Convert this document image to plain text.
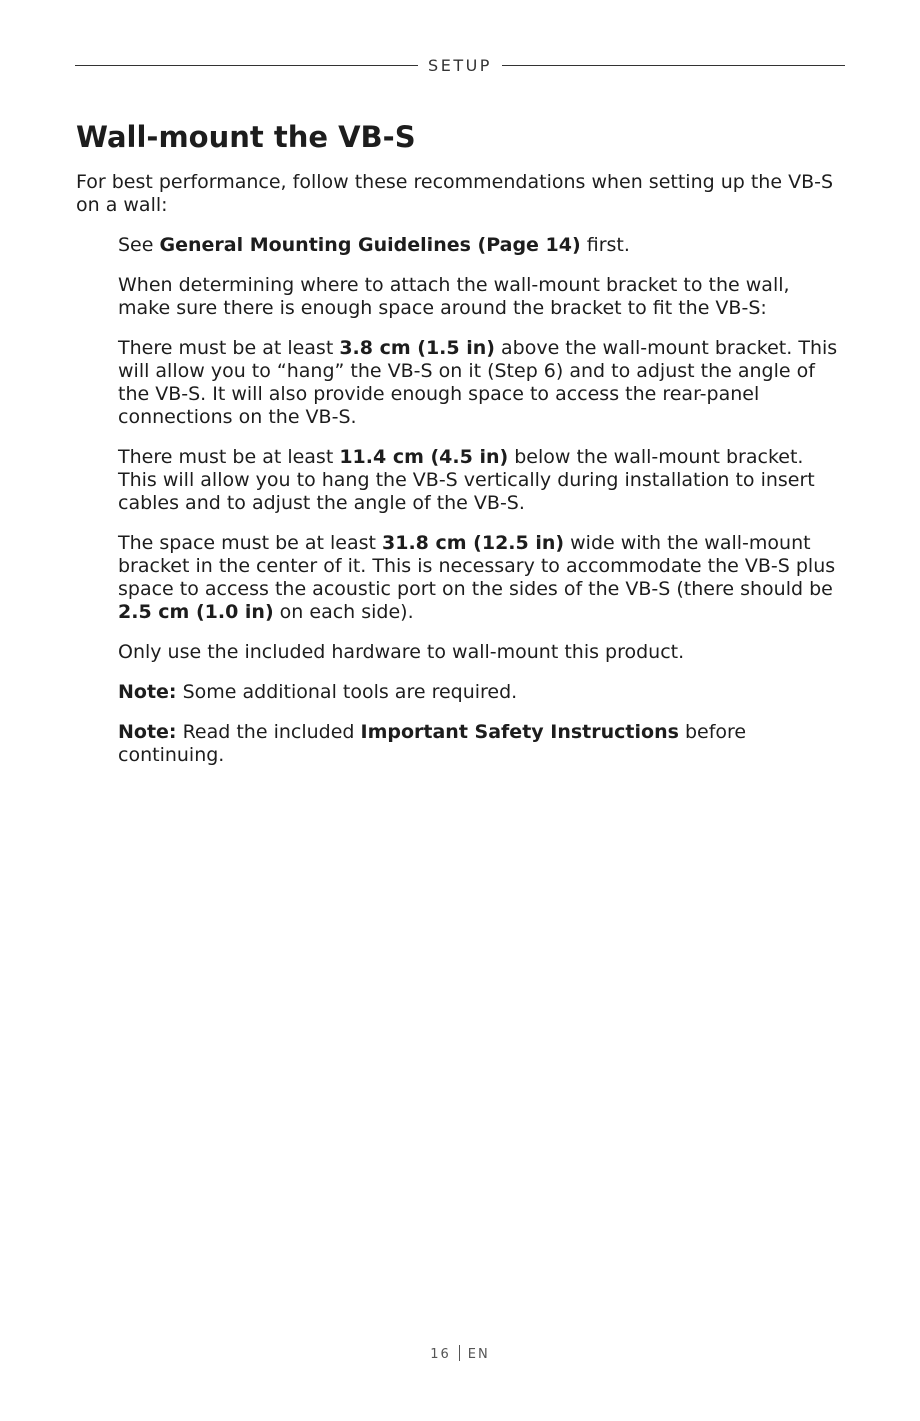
SETUP
Wall-mount the VB-S

For best performance, follow these recommendations when setting up the VB-S on a wall:

See General Mounting Guidelines (Page 14) first.

When determining where to attach the wall-mount bracket to the wall, make sure there is enough space around the bracket to fit the VB-S:

There must be at least 3.8 cm (1.5 in) above the wall-mount bracket. This will allow you to “hang” the VB-S on it (Step 6) and to adjust the angle of the VB-S. It will also provide enough space to access the rear-panel connections on the VB-S.

There must be at least 11.4 cm (4.5 in) below the wall-mount bracket. This will allow you to hang the VB-S vertically during installation to insert cables and to adjust the angle of the VB-S.

The space must be at least 31.8 cm (12.5 in) wide with the wall-mount bracket in the center of it. This is necessary to accommodate the VB-S plus space to access the acoustic port on the sides of the VB-S (there should be 2.5 cm (1.0 in) on each side).

Only use the included hardware to wall-mount this product.

Note: Some additional tools are required.

Note: Read the included Important Safety Instructions before continuing.

16 EN
